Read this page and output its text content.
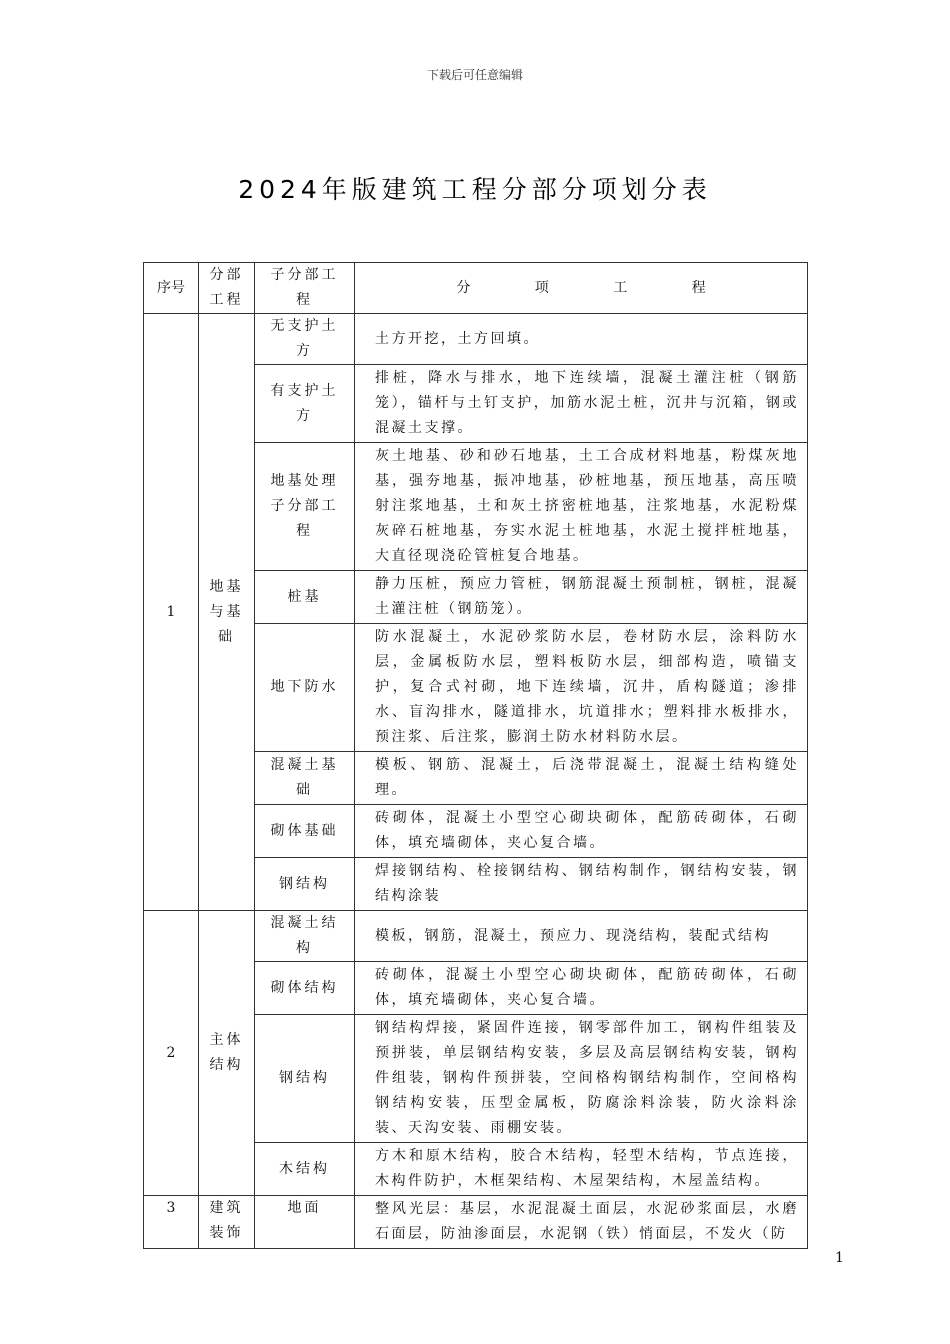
下载后可任意编辑
2024年版建筑工程分部分项划分表
序号	分部工程	子分部工程	分 项 工 程
1	地基与基础	无支护土方	土方开挖，土方回填。
		有支护土方	排桩，降水与排水，地下连续墙，混凝土灌注桩（钢筋笼），锚杆与土钉支护，加筋水泥土桩，沉井与沉箱，钢或混凝土支撑。
		地基处理子分部工程	灰土地基、砂和砂石地基，土工合成材料地基，粉煤灰地基，强夯地基，振冲地基，砂桩地基，预压地基，高压喷射注浆地基，土和灰土挤密桩地基，注浆地基，水泥粉煤灰碎石桩地基，夯实水泥土桩地基，水泥土搅拌桩地基，大直径现浇砼管桩复合地基。
		桩基	静力压桩，预应力管桩，钢筋混凝土预制桩，钢桩，混凝土灌注桩（钢筋笼）。
		地下防水	防水混凝土，水泥砂浆防水层，卷材防水层，涂料防水层，金属板防水层，塑料板防水层，细部构造，喷锚支护，复合式衬砌，地下连续墙，沉井，盾构隧道；渗排水、盲沟排水，隧道排水，坑道排水；塑料排水板排水，预注浆、后注浆，膨润土防水材料防水层。
		混凝土基础	模板、钢筋、混凝土，后浇带混凝土，混凝土结构缝处理。
		砌体基础	砖砌体，混凝土小型空心砌块砌体，配筋砖砌体，石砌体，填充墙砌体，夹心复合墙。
		钢结构	焊接钢结构、栓接钢结构、钢结构制作，钢结构安装，钢结构涂装
2	主体结构	混凝土结构	模板，钢筋，混凝土，预应力、现浇结构，装配式结构
		砌体结构	砖砌体，混凝土小型空心砌块砌体，配筋砖砌体，石砌体，填充墙砌体，夹心复合墙。
		钢结构	钢结构焊接，紧固件连接，钢零部件加工，钢构件组装及预拼装，单层钢结构安装，多层及高层钢结构安装，钢构件组装，钢构件预拼装，空间格构钢结构制作，空间格构钢结构安装，压型金属板，防腐涂料涂装，防火涂料涂装、天沟安装、雨棚安装。
		木结构	方木和原木结构，胶合木结构，轻型木结构，节点连接，木构件防护，木框架结构、木屋架结构，木屋盖结构。
3	建筑装饰	地面	整风光层：基层，水泥混凝土面层，水泥砂浆面层，水磨石面层，防油渗面层，水泥钢（铁）悄面层，不发火（防
1
